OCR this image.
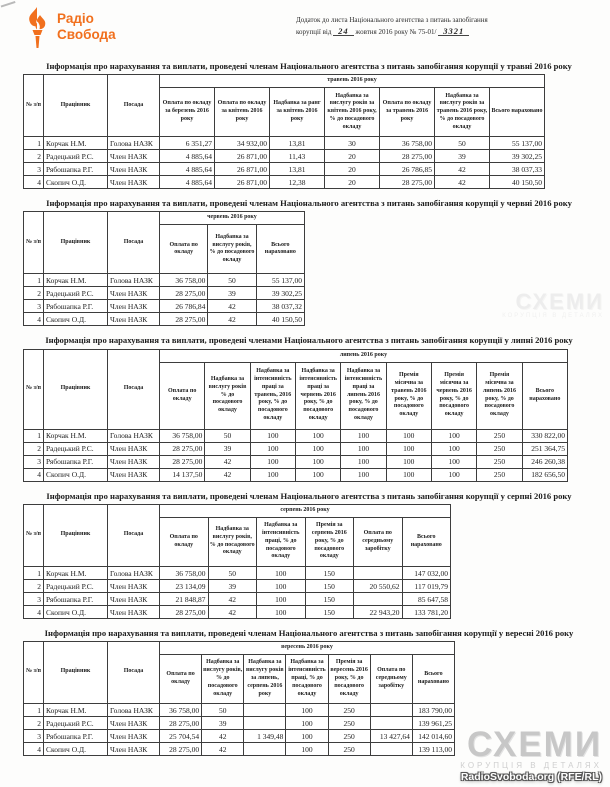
Радіо
Свобода
Додаток до листа Національного агентства з питань запобігання
корупції від 24 жовтня 2016 року № 75-01/ 3321
Інформація про нарахування та виплати, проведені членам Національного агентства з питань запобігання корупції у травні 2016 року
№ з/п	Працівник	Посада	травень 2016 року						
			Оплата по окладу за березень 2016 року	Оплата по окладу за квітень 2016 року	Надбавка за ранг за квітень 2016 року	Надбавка за вислугу років за квітень 2016 року, % до посадового окладу	Оплата по окладу за травень 2016 року	Надбавка за вислугу років за травень 2016 року, % до посадового окладу	Всього нараховано
1	Корчак Н.М.	Голова НАЗК	6 351,27	34 932,00	13,81	30	36 758,00	50	55 137,00
2	Радецький Р.С.	Член НАЗК	4 885,64	26 871,00	11,43	20	28 275,00	39	39 302,25
3	Рябошапка Р.Г.	Член НАЗК	4 885,64	26 871,00	13,81	20	26 786,85	42	38 037,33
4	Скопич О.Д.	Член НАЗК	4 885,64	26 871,00	12,38	20	28 275,00	42	40 150,50
Інформація про нарахування та виплати, проведені членам Національного агентства з питань запобігання корупції у червні 2016 року
№ з/п	Працівник	Посада	червень 2016 року		
			Оплата по окладу	Надбавка за вислугу років, % до посадового окладу	Всього нараховано
1	Корчак Н.М.	Голова НАЗК	36 758,00	50	55 137,00
2	Радецький Р.С.	Член НАЗК	28 275,00	39	39 302,25
3	Рябошапка Р.Г.	Член НАЗК	26 786,84	42	38 037,32
4	Скопич О.Д.	Член НАЗК	28 275,00	42	40 150,50
Інформація про нарахування та виплати, проведені членами Національного агентства з питань запобігання корупції у липні 2016 року
№ з/п	Працівник	Посада	липень 2016 року								
			Оплата по окладу	Надбавка за вислугу років % до посадового окладу	Надбавка за інтенсивність праці за травень, 2016 року, % до посадового окладу	Надбавка за інтенсивність праці за червень 2016 року, % до посадового окладу	Надбавка за інтенсивність праці за липень 2016 року, % до посадового окладу	Премія місячна за травень 2016 року, % до посадового окладу	Премія місячна за червень 2016 року, % до посадового окладу	Премія місячна за липень 2016 року, % до посадового окладу	Всього нараховано
1	Корчак Н.М.	Голова НАЗК	36 758,00	50	100	100	100	100	100	250	330 822,00
2	Радецький Р.С.	Член НАЗК	28 275,00	39	100	100	100	100	100	250	251 364,75
3	Рябошапка Р.Г.	Член НАЗК	28 275,00	42	100	100	100	100	100	250	246 260,38
4	Скопич О.Д.	Член НАЗК	14 137,50	42	100	100	100	100	100	250	182 656,50
Інформація про нарахування та виплати, проведені членам Національного агентства з питань запобігання корупції у серпні 2016 року
№ з/п	Працівник	Посада	серпень 2016 року					
			Оплата по окладу	Надбавка за вислугу років, % до посадового окладу	Надбавка за інтенсивність праці, % до посадового окладу	Премія за серпень 2016 року, % до посадового окладу	Оплата по середньому заробітку	Всього нараховано
1	Корчак Н.М.	Голова НАЗК	36 758,00	50	100	150		147 032,00
2	Радецький Р.С.	Член НАЗК	23 134,09	39	100	150	20 550,62	117 019,79
3	Рябошапка Р.Г.	Член НАЗК	21 848,87	42	100	150		85 647,58
4	Скопич О.Д.	Член НАЗК	28 275,00	42	100	150	22 943,20	133 781,20
Інформація про нарахування та виплати, проведені членам Національного агентства з питань запобігання корупції у вересні 2016 року
№ з/п	Працівник	Посада	вересень 2016 року						
			Оплата по окладу	Надбавка за вислугу років, % до посадового окладу	Надбавка за вислугу років за липень, серпень 2016 року	Надбавка за інтенсивність праці, % до посадового окладу	Премія за вересень 2016 року, % до посадового окладу	Оплата по середньому заробітку	Всього нараховано
1	Корчак Н.М.	Голова НАЗК	36 758,00	50		100	250		183 790,00
2	Радецький Р.С.	Член НАЗК	28 275,00	39		100	250		139 961,25
3	Рябошапка Р.Г.	Член НАЗК	25 704,54	42	1 349,48	100	250	13 427,64	142 014,60
4	Скопич О.Д.	Член НАЗК	28 275,00	42		100	250		139 113,00
СХЕМИ
КОРУПЦІЯ В ДЕТАЛЯХ
СХЕМИ
КОРУПЦІЯ В ДЕТАЛЯХ
RadioSvoboda.org (RFE/RL)
